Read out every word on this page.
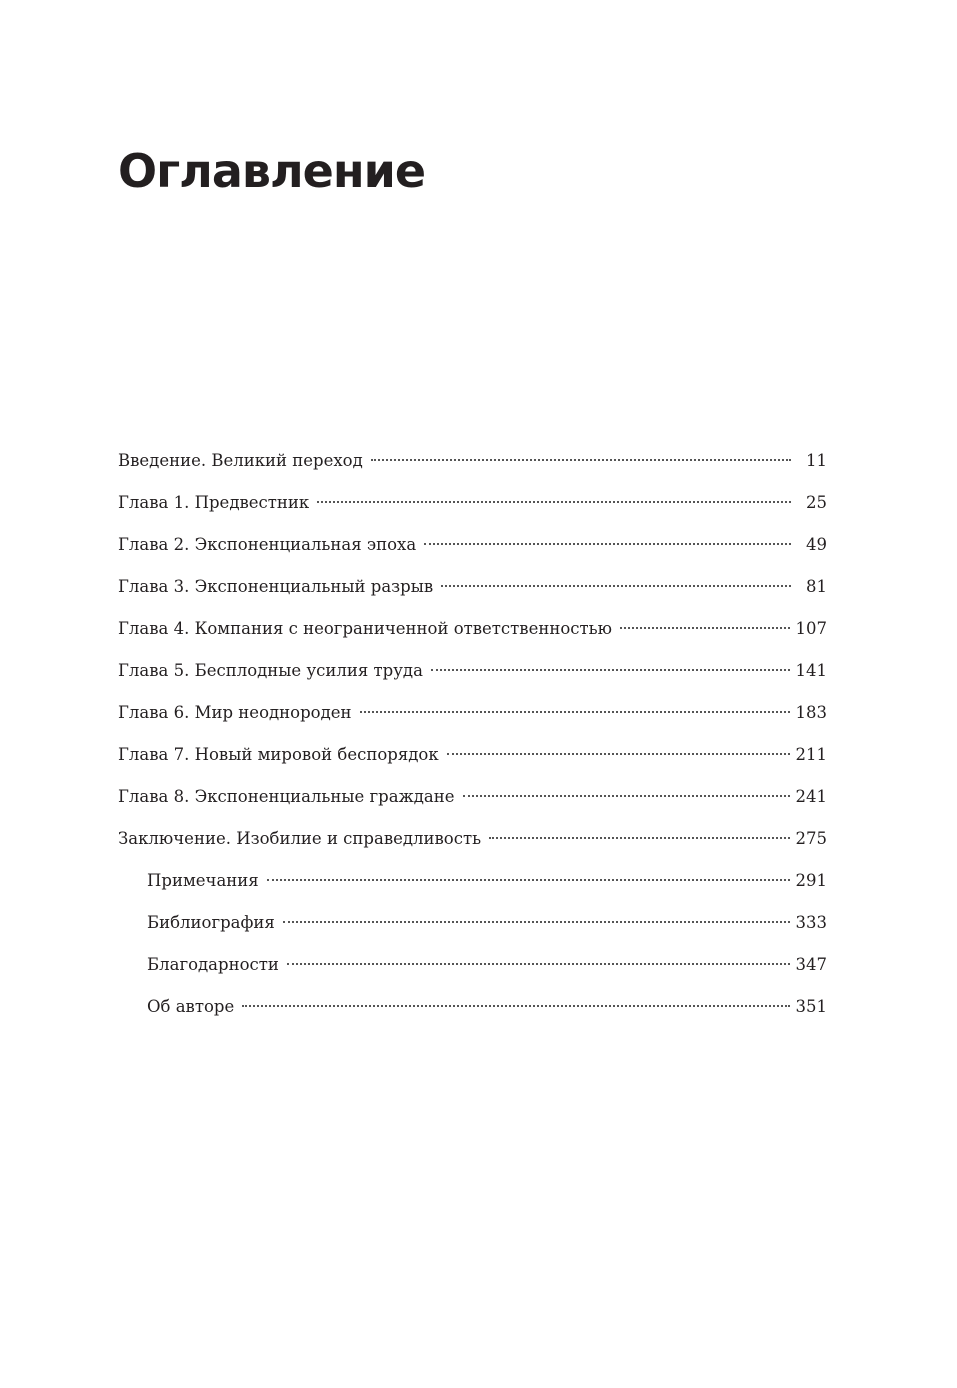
Оглавление
Введение. Великий переход	11
Глава 1. Предвестник	25
Глава 2. Экспоненциальная эпоха	49
Глава 3. Экспоненциальный разрыв	81
Глава 4. Компания с неограниченной ответственностью	107
Глава 5. Бесплодные усилия труда	141
Глава 6. Мир неоднороден	183
Глава 7. Новый мировой беспорядок	211
Глава 8. Экспоненциальные граждане	241
Заключение. Изобилие и справедливость	275
Примечания	291
Библиография	333
Благодарности	347
Об авторе	351
